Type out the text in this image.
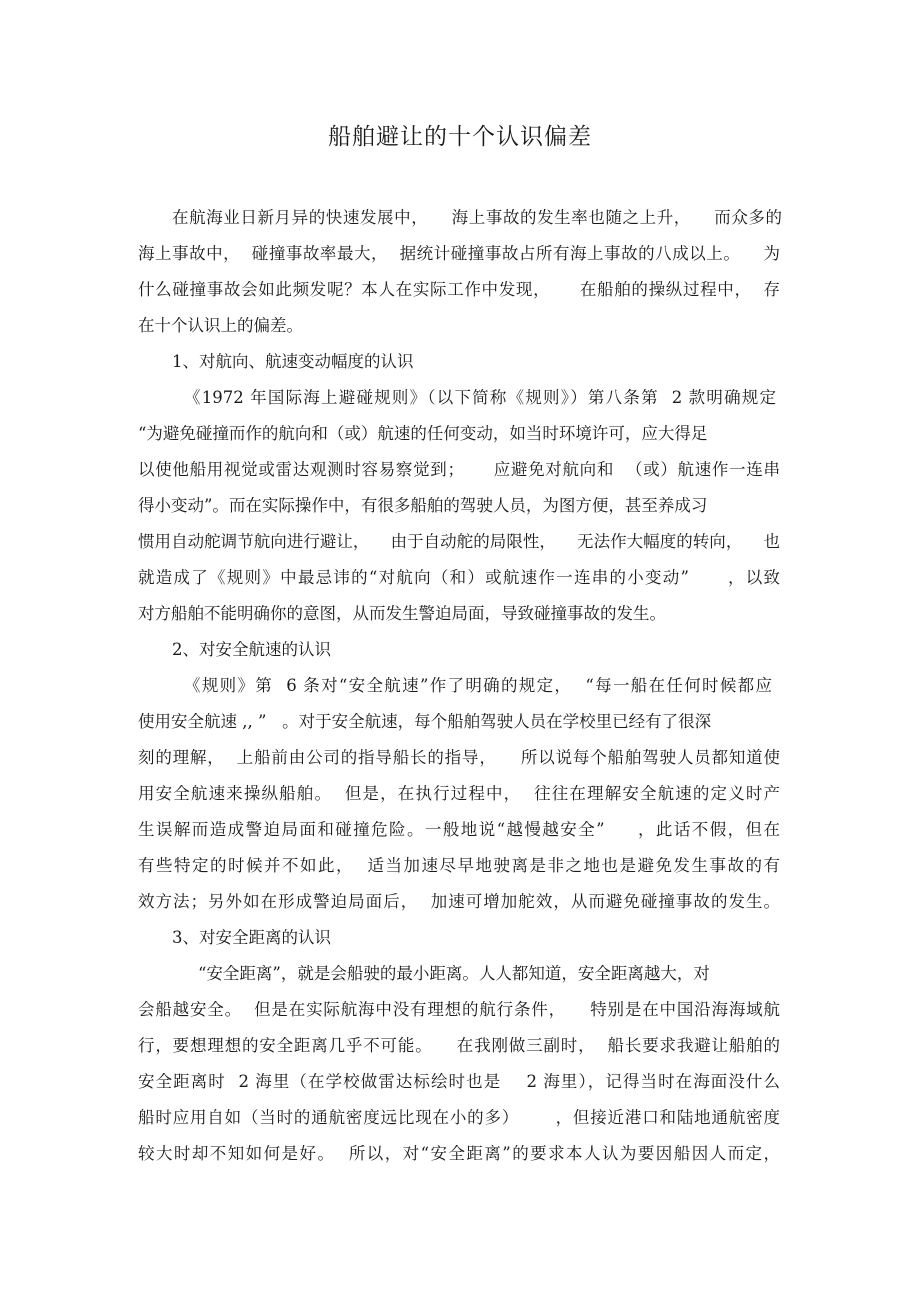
船舶避让的十个认识偏差

在航海业日新月异的快速发展中，    海上事故的发生率也随之上升，    而众多的

海上事故中，  碰撞事故率最大，  据统计碰撞事故占所有海上事故的八成以上。    为

什么碰撞事故会如此频发呢？本人在实际工作中发现，     在船舶的操纵过程中，  存

在十个认识上的偏差。

1、对航向、航速变动幅度的认识

《1972 年国际海上避碰规则》（以下简称《规则》）第八条第  2 款明确规定

“为避免碰撞而作的航向和（或）航速的任何变动，如当时环境许可，应大得足

以使他船用视觉或雷达观测时容易察觉到；     应避免对航向和  （或）航速作一连串

得小变动”。而在实际操作中，有很多船舶的驾驶人员，为图方便，甚至养成习

惯用自动舵调节航向进行避让，    由于自动舵的局限性，    无法作大幅度的转向，    也

就造成了《规则》中最忌讳的“对航向（和）或航速作一连串的小变动”      ，以致

对方船舶不能明确你的意图，从而发生警迫局面，导致碰撞事故的发生。

2、对安全航速的认识

《规则》第  6 条对“安全航速”作了明确的规定，  “每一船在任何时候都应

使用安全航速 ,, ”   。对于安全航速，每个船舶驾驶人员在学校里已经有了很深

刻的理解，  上船前由公司的指导船长的指导，    所以说每个船舶驾驶人员都知道使

用安全航速来操纵船舶。  但是，在执行过程中，  往往在理解安全航速的定义时产

生误解而造成警迫局面和碰撞危险。一般地说“越慢越安全”     ，此话不假，但在

有些特定的时候并不如此，  适当加速尽早地驶离是非之地也是避免发生事故的有

效方法；另外如在形成警迫局面后，  加速可增加舵效，从而避免碰撞事故的发生。

3、对安全距离的认识

“安全距离”，就是会船驶的最小距离。人人都知道，安全距离越大，对

会船越安全。  但是在实际航海中没有理想的航行条件，    特别是在中国沿海海域航

行，要想理想的安全距离几乎不可能。    在我刚做三副时，  船长要求我避让船舶的

安全距离时  2 海里（在学校做雷达标绘时也是    2 海里），记得当时在海面没什么

船时应用自如（当时的通航密度远比现在小的多）      ，但接近港口和陆地通航密度

较大时却不知如何是好。  所以，对“安全距离”的要求本人认为要因船因人而定，
